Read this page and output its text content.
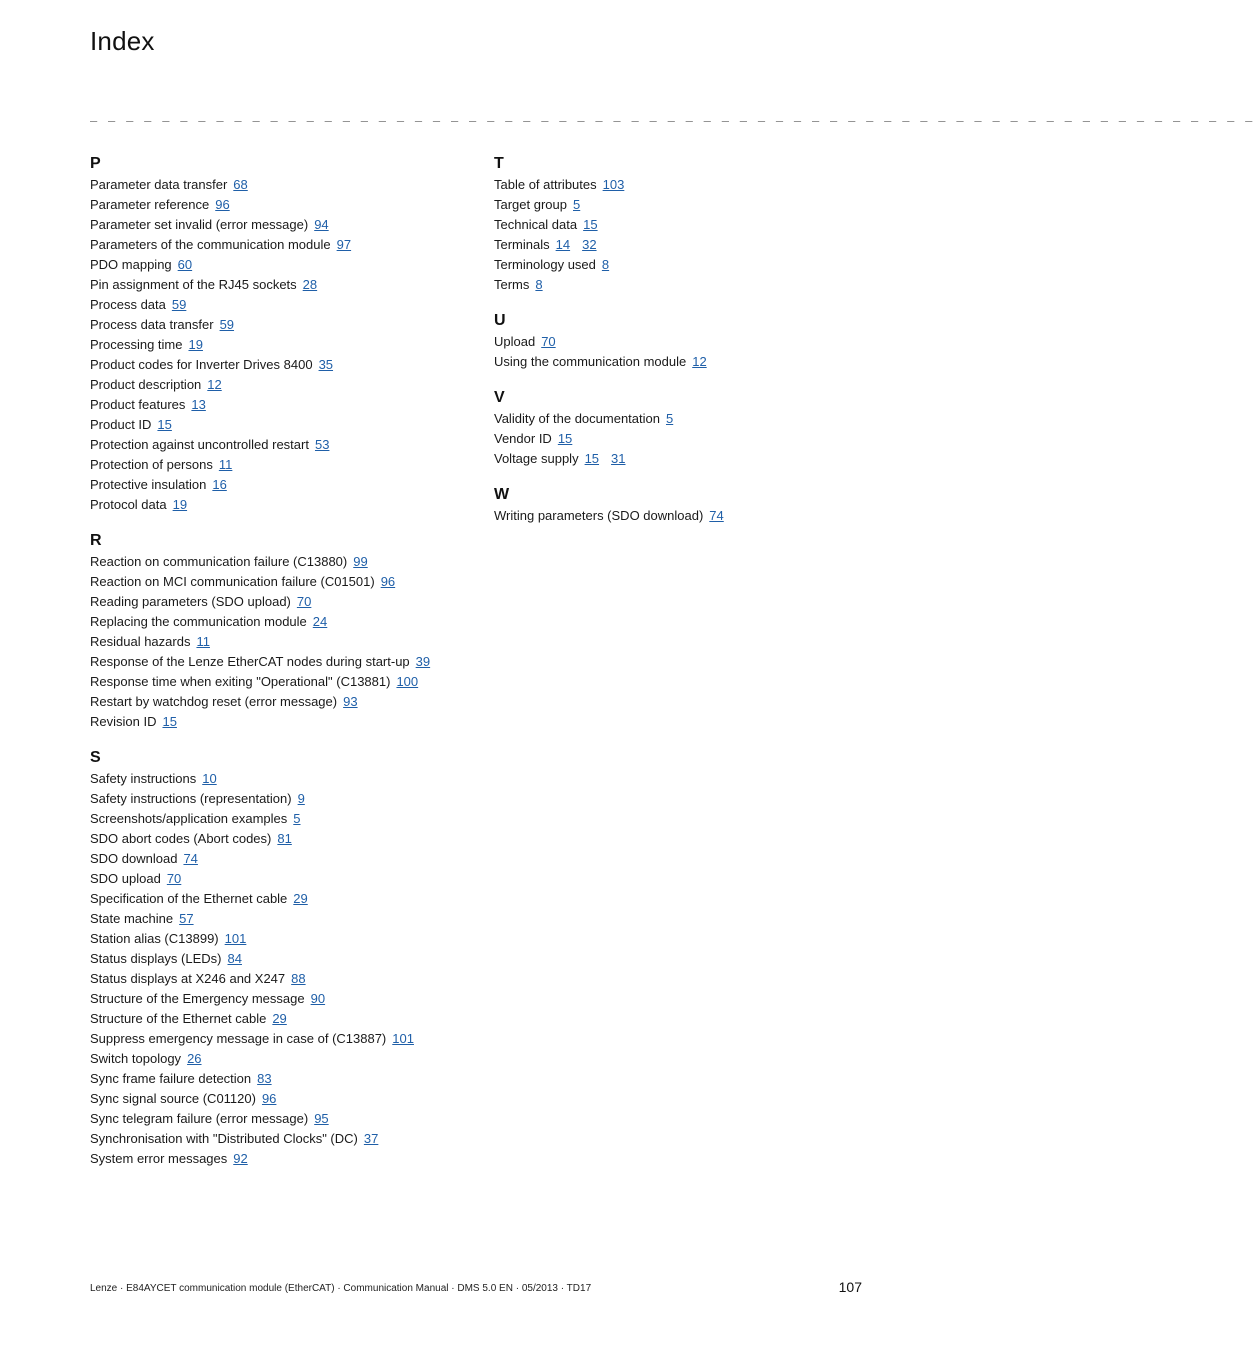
Index
_ _ _ _ _ _ _ _ _ _ _ _ _ _ _ _ _ _ _ _ _ _ _ _ _ _ _ _ _ _ _ _ _ _ _ _ _ _ _ _ _ _ _ _ _ _ _ _ _ _ _ _ _ _ _ _ _ _ _ _ _ _ _ _ _
P
Parameter data transfer 68
Parameter reference 96
Parameter set invalid (error message) 94
Parameters of the communication module 97
PDO mapping 60
Pin assignment of the RJ45 sockets 28
Process data 59
Process data transfer 59
Processing time 19
Product codes for Inverter Drives 8400 35
Product description 12
Product features 13
Product ID 15
Protection against uncontrolled restart 53
Protection of persons 11
Protective insulation 16
Protocol data 19
R
Reaction on communication failure (C13880) 99
Reaction on MCI communication failure (C01501) 96
Reading parameters (SDO upload) 70
Replacing the communication module 24
Residual hazards 11
Response of the Lenze EtherCAT nodes during start-up 39
Response time when exiting "Operational" (C13881) 100
Restart by watchdog reset (error message) 93
Revision ID 15
S
Safety instructions 10
Safety instructions (representation) 9
Screenshots/application examples 5
SDO abort codes (Abort codes) 81
SDO download 74
SDO upload 70
Specification of the Ethernet cable 29
State machine 57
Station alias (C13899) 101
Status displays (LEDs) 84
Status displays at X246 and X247 88
Structure of the Emergency message 90
Structure of the Ethernet cable 29
Suppress emergency message in case of (C13887) 101
Switch topology 26
Sync frame failure detection 83
Sync signal source (C01120) 96
Sync telegram failure (error message) 95
Synchronisation with "Distributed Clocks" (DC) 37
System error messages 92
T
Table of attributes 103
Target group 5
Technical data 15
Terminals 14 32
Terminology used 8
Terms 8
U
Upload 70
Using the communication module 12
V
Validity of the documentation 5
Vendor ID 15
Voltage supply 15 31
W
Writing parameters (SDO download) 74
Lenze · E84AYCET communication module (EtherCAT) · Communication Manual · DMS 5.0 EN · 05/2013 · TD17	107
